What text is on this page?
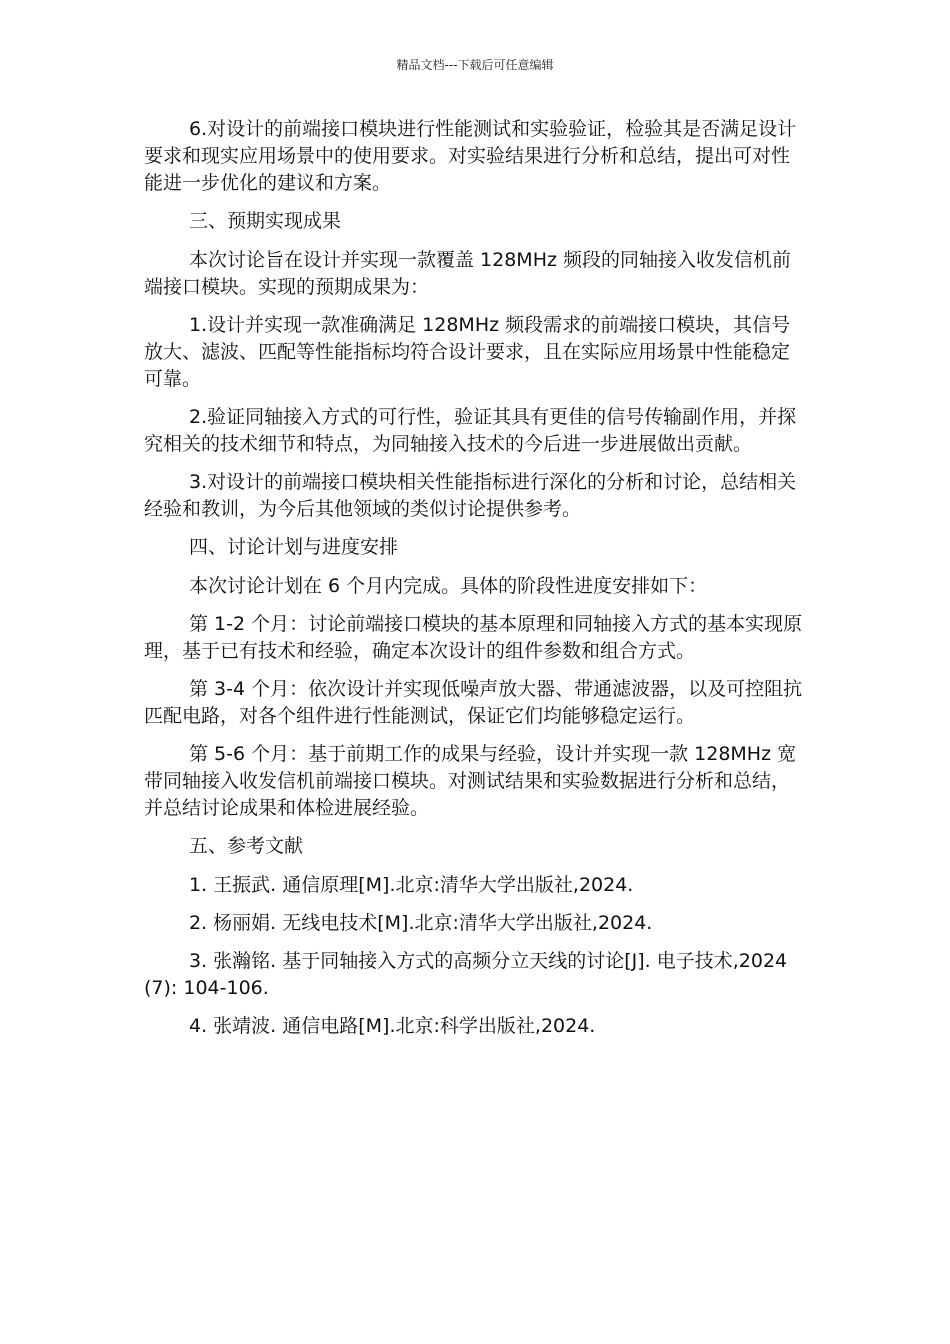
精品文档---下载后可任意编辑

6.对设计的前端接口模块进行性能测试和实验验证，检验其是否满足设计要求和现实应用场景中的使用要求。对实验结果进行分析和总结，提出可对性能进一步优化的建议和方案。

三、预期实现成果

本次讨论旨在设计并实现一款覆盖 128MHz 频段的同轴接入收发信机前端接口模块。实现的预期成果为：

1.设计并实现一款准确满足 128MHz 频段需求的前端接口模块，其信号放大、滤波、匹配等性能指标均符合设计要求，且在实际应用场景中性能稳定可靠。

2.验证同轴接入方式的可行性，验证其具有更佳的信号传输副作用，并探究相关的技术细节和特点，为同轴接入技术的今后进一步进展做出贡献。

3.对设计的前端接口模块相关性能指标进行深化的分析和讨论，总结相关经验和教训，为今后其他领域的类似讨论提供参考。

四、讨论计划与进度安排

本次讨论计划在 6 个月内完成。具体的阶段性进度安排如下：

第 1-2 个月：讨论前端接口模块的基本原理和同轴接入方式的基本实现原理，基于已有技术和经验，确定本次设计的组件参数和组合方式。

第 3-4 个月：依次设计并实现低噪声放大器、带通滤波器，以及可控阻抗匹配电路，对各个组件进行性能测试，保证它们均能够稳定运行。

第 5-6 个月：基于前期工作的成果与经验，设计并实现一款 128MHz 宽带同轴接入收发信机前端接口模块。对测试结果和实验数据进行分析和总结，并总结讨论成果和体检进展经验。

五、参考文献

1. 王振武. 通信原理[M].北京:清华大学出版社,2024.

2. 杨丽娟. 无线电技术[M].北京:清华大学出版社,2024.

3. 张瀚铭. 基于同轴接入方式的高频分立天线的讨论[J]. 电子技术,2024(7): 104-106.

4. 张靖波. 通信电路[M].北京:科学出版社,2024.
